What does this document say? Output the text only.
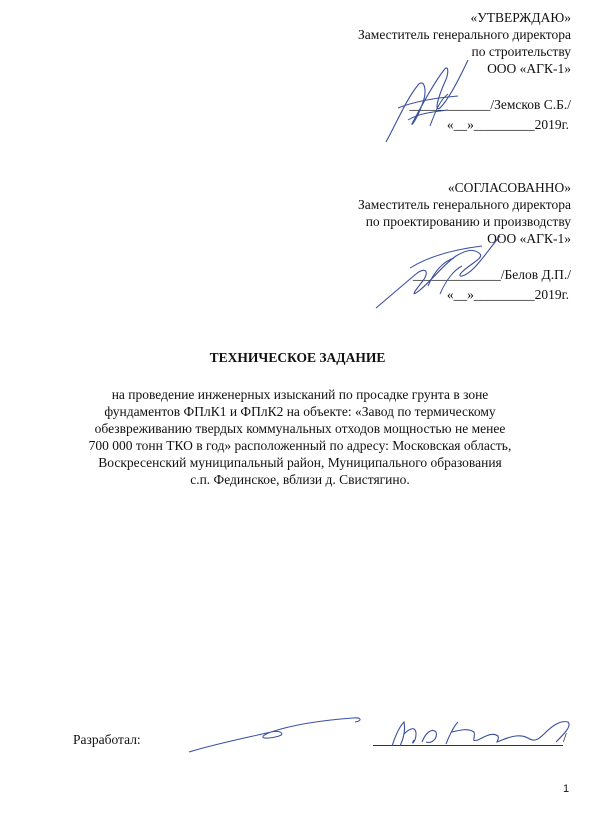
«УТВЕРЖДАЮ»
Заместитель генерального директора
по строительству
ООО «АГК-1»
____________/Земсков С.Б./
«__»_________2019г.
«СОГЛАСОВАННО»
Заместитель генерального директора
по проектированию и производству
ООО «АГК-1»
_____________/Белов Д.П./
«__»_________2019г.
ТЕХНИЧЕСКОЕ ЗАДАНИЕ
на проведение инженерных изысканий по просадке грунта в зоне
фундаментов ФПлК1 и ФПлК2 на объекте: «Завод по термическому
обезвреживанию твердых коммунальных отходов мощностью не менее
700 000 тонн ТКО в год» расположенный по адресу: Московская область,
Воскресенский муниципальный район, Муниципального образования
с.п. Фединское, вблизи д. Свистягино.
Разработал:	/
1
